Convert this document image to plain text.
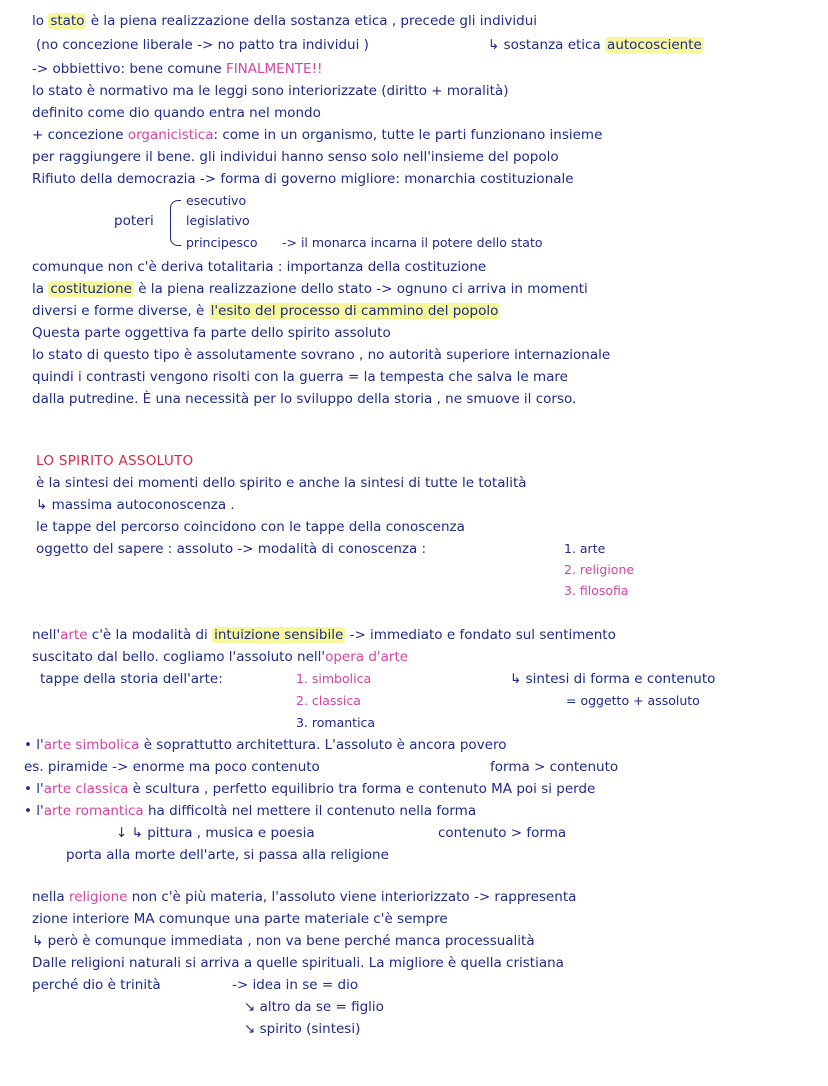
lo stato è la piena realizzazione della sostanza etica , precede gli individui
(no concezione liberale -> no patto tra individui )	↳ sostanza etica autocosciente
-> obbiettivo: bene comune FINALMENTE!!
lo stato è normativo ma le leggi sono interiorizzate (diritto + moralità)
definito come dio quando entra nel mondo
+ concezione organicistica: come in un organismo, tutte le parti funzionano insieme
per raggiungere il bene. gli individui hanno senso solo nell'insieme del popolo
Rifiuto della democrazia -> forma di governo migliore: monarchia costituzionale
poteri
esecutivo
legislativo
principesco -> il monarca incarna il potere dello stato
comunque non c'è deriva totalitaria : importanza della costituzione
la costituzione è la piena realizzazione dello stato -> ognuno ci arriva in momenti
diversi e forme diverse, è l'esito del processo di cammino del popolo
Questa parte oggettiva fa parte dello spirito assoluto
lo stato di questo tipo è assolutamente sovrano , no autorità superiore internazionale
quindi i contrasti vengono risolti con la guerra = la tempesta che salva le mare
dalla putredine. È una necessità per lo sviluppo della storia , ne smuove il corso.
LO SPIRITO ASSOLUTO
è la sintesi dei momenti dello spirito e anche la sintesi di tutte le totalità
↳ massima autoconoscenza .
le tappe del percorso coincidono con le tappe della conoscenza
oggetto del sapere : assoluto -> modalità di conoscenza :	1. arte
2. religione
3. filosofia
nell'arte c'è la modalità di intuizione sensibile -> immediato e fondato sul sentimento
suscitato dal bello. cogliamo l'assoluto nell'opera d'arte
tappe della storia dell'arte:	1. simbolica
2. classica
3. romantica
↳ sintesi di forma e contenuto
= oggetto + assoluto
• l'arte simbolica è soprattutto architettura. L'assoluto è ancora povero
es. piramide -> enorme ma poco contenuto	forma > contenuto
• l'arte classica è scultura , perfetto equilibrio tra forma e contenuto MA poi si perde
• l'arte romantica ha difficoltà nel mettere il contenuto nella forma
↓ ↳ pittura , musica e poesia	contenuto > forma
porta alla morte dell'arte, si passa alla religione
nella religione non c'è più materia, l'assoluto viene interiorizzato -> rappresenta
zione interiore MA comunque una parte materiale c'è sempre
↳ però è comunque immediata , non va bene perché manca processualità
Dalle religioni naturali si arriva a quelle spirituali. La migliore è quella cristiana
perché dio è trinità	-> idea in se = dio
↘ altro da se = figlio
↘ spirito (sintesi)
